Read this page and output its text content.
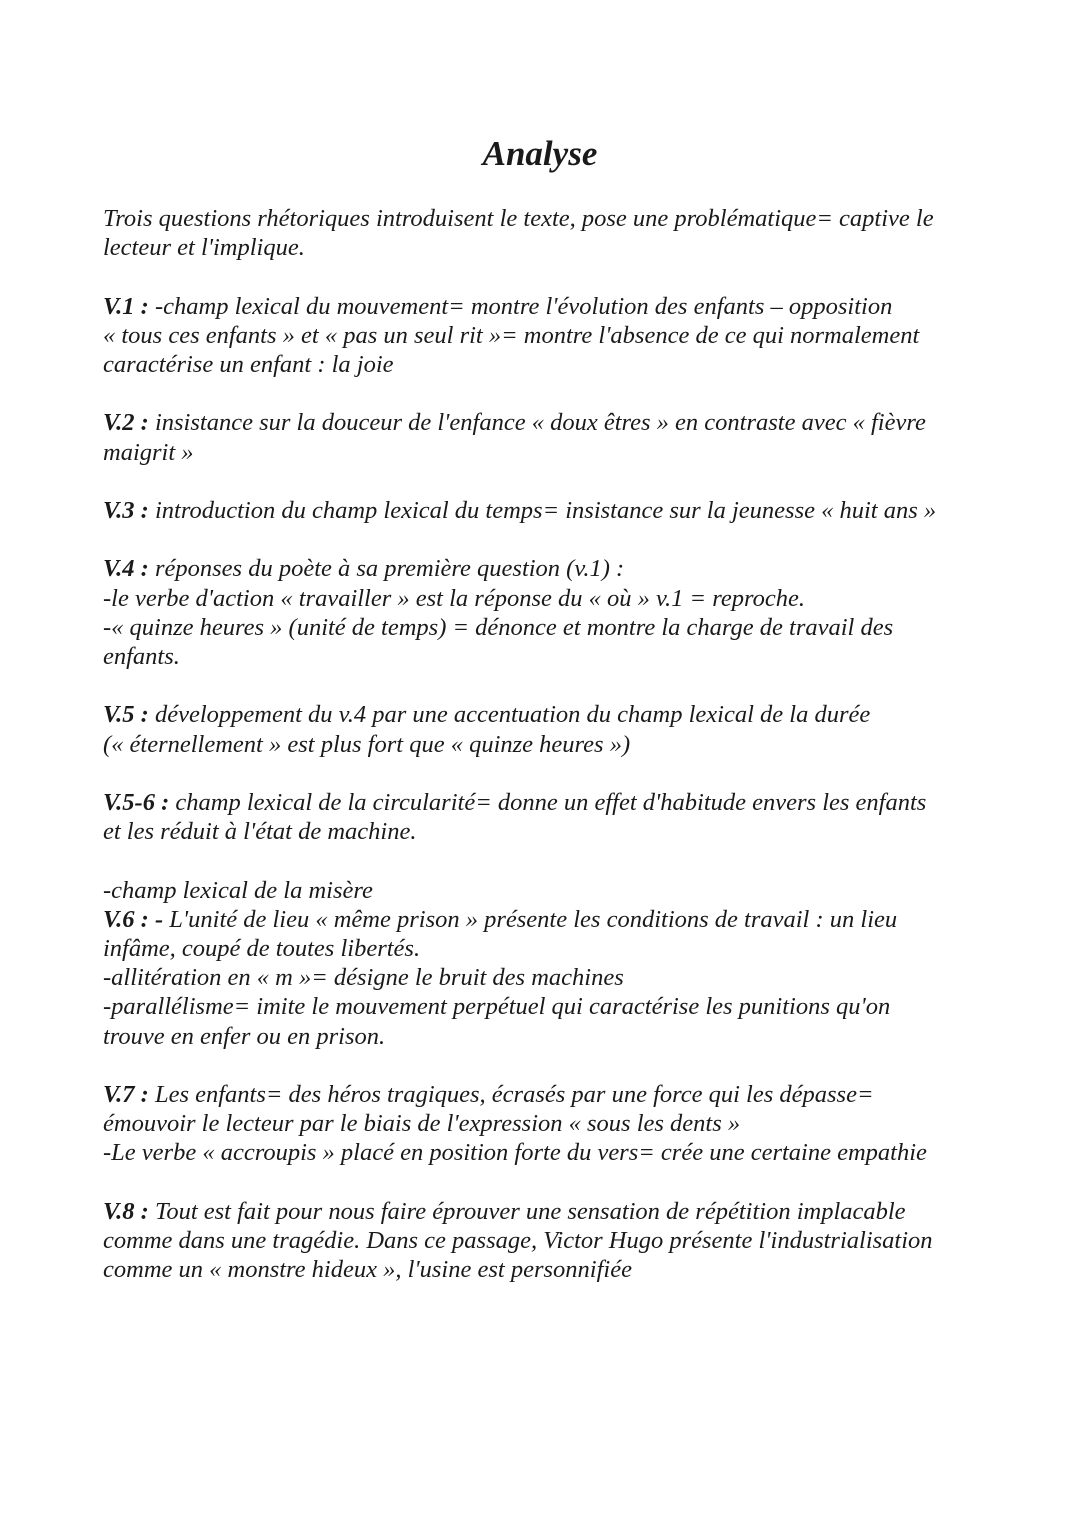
Analyse

Trois questions rhétoriques introduisent le texte, pose une problématique= captive le
lecteur et l'implique.

V.1 : -champ lexical du mouvement= montre l'évolution des enfants – opposition
« tous ces enfants » et « pas un seul rit »= montre l'absence de ce qui normalement
caractérise un enfant : la joie

V.2 : insistance sur la douceur de l'enfance « doux êtres » en contraste avec « fièvre
maigrit »

V.3 : introduction du champ lexical du temps= insistance sur la jeunesse « huit ans »

V.4 : réponses du poète à sa première question (v.1) :
-le verbe d'action « travailler » est la réponse du « où » v.1 = reproche.
-« quinze heures » (unité de temps) = dénonce et montre la charge de travail des
enfants.

V.5 : développement du v.4 par une accentuation du champ lexical de la durée
(« éternellement » est plus fort que « quinze heures »)

V.5-6 : champ lexical de la circularité= donne un effet d'habitude envers les enfants
et les réduit à l'état de machine.

-champ lexical de la misère
V.6 : - L'unité de lieu « même prison » présente les conditions de travail : un lieu
infâme, coupé de toutes libertés.
-allitération en « m »= désigne le bruit des machines
-parallélisme= imite le mouvement perpétuel qui caractérise les punitions qu'on
trouve en enfer ou en prison.

V.7 : Les enfants= des héros tragiques, écrasés par une force qui les dépasse=
émouvoir le lecteur par le biais de l'expression « sous les dents »
-Le verbe « accroupis » placé en position forte du vers= crée une certaine empathie

V.8 : Tout est fait pour nous faire éprouver une sensation de répétition implacable
comme dans une tragédie. Dans ce passage, Victor Hugo présente l'industrialisation
comme un « monstre hideux », l'usine est personnifiée
